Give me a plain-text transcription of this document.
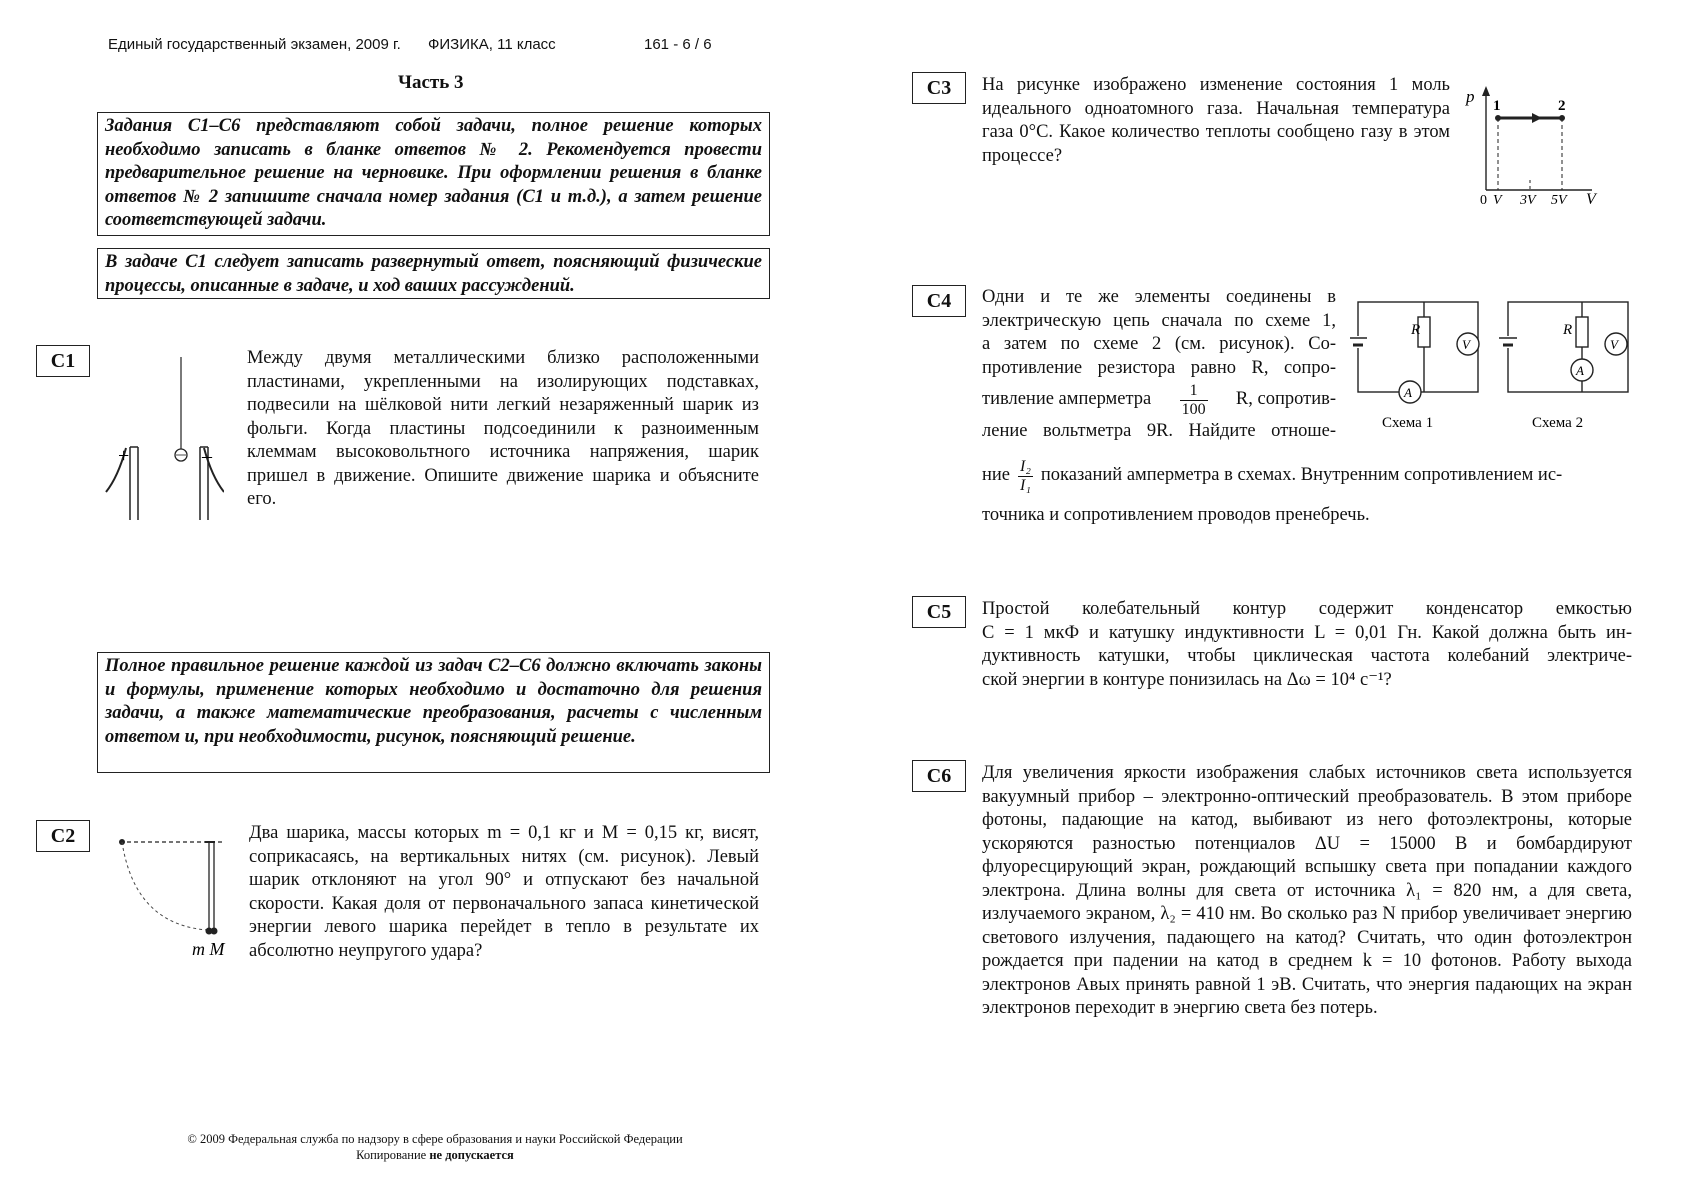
Единый государственный экзамен, 2009 г. ФИЗИКА, 11 класс	161 - 6 / 6
Часть 3
Задания С1–С6 представляют собой задачи, полное решение которых необходимо записать в бланке ответов № 2. Рекомендуется провести предварительное решение на черновике. При оформлении решения в бланке ответов № 2 запишите сначала номер задания (С1 и т.д.), а затем решение соответствующей задачи.
В задаче С1 следует записать развернутый ответ, поясняющий физические процессы, описанные в задаче, и ход ваших рассуждений.
C1
+	–
Между двумя металлическими близко расположенными пластинами, укрепленными на изолирующих подставках, подвесили на шёлковой нити легкий незаряженный шарик из фольги. Когда пластины подсоединили к разноименным клеммам высоковольтного источника напряжения, шарик пришел в движение. Опишите движение шарика и объясните его.
Полное правильное решение каждой из задач С2–С6 должно включать законы и формулы, применение которых необходимо и достаточно для решения задачи, а также математические преобразования, расчеты с численным ответом и, при необходимости, рисунок, поясняющий решение.
C2
m M
Два шарика, массы которых m = 0,1 кг и M = 0,15 кг, висят, соприкасаясь, на вертикальных нитях (см. рисунок). Левый шарик отклоняют на угол 90° и отпускают без начальной скорости. Какая доля от первоначального запаса кинетической энергии левого шарика перейдет в тепло в результате их абсолютно неупругого удара?
C3	На рисунке изображено изменение состояния 1 моль идеального одноатомного газа. Начальная температура газа 0°С. Какое количество теплоты сообщено газу в этом процессе?
p
V
1	2
0 V 3V 5V
C4	Одни и те же элементы соединены в
электрическую цепь сначала по схеме 1,
а затем по схеме 2 (см. рисунок). Со-
противление резистора равно R, сопро-
тивление амперметра $\frac{1}{100} R$, сопротив-
ление вольтметра 9R. Найдите отноше-
ние $\frac{\text{I₂}}{\text{I₁}}$ показаний амперметра в схемах. Внутренним сопротивлением ис-
точника и сопротивлением проводов пренебречь.
R
V
A
Схема 1
R
A
V
Схема 2
C5	Простой колебательный контур содержит конденсатор емкостью
C = 1 мкФ и катушку индуктивности L = 0,01 Гн. Какой должна быть ин-
дуктивность катушки, чтобы циклическая частота колебаний электриче-
ской энергии в контуре понизилась на Δω = 10⁴ с⁻¹?
C6	Для увеличения яркости изображения слабых источников света используется вакуумный прибор – электронно-оптический преобразователь. В этом приборе фотоны, падающие на катод, выбивают из него фотоэлектроны, которые ускоряются разностью потенциалов ΔU = 15000 В и бомбардируют флуоресцирующий экран, рождающий вспышку света при попадании каждого электрона. Длина волны для света от источника λ₁ = 820 нм, а для света, излучаемого экраном, λ₂ = 410 нм. Во сколько раз N прибор увеличивает энергию светового излучения, падающего на катод? Считать, что один фотоэлектрон рождается при падении на катод в среднем k = 10 фотонов. Работу выхода электронов Aвых принять равной 1 эВ. Считать, что энергия падающих на экран электронов переходит в энергию света без потерь.
© 2009 Федеральная служба по надзору в сфере образования и науки Российской Федерации
Копирование не допускается
